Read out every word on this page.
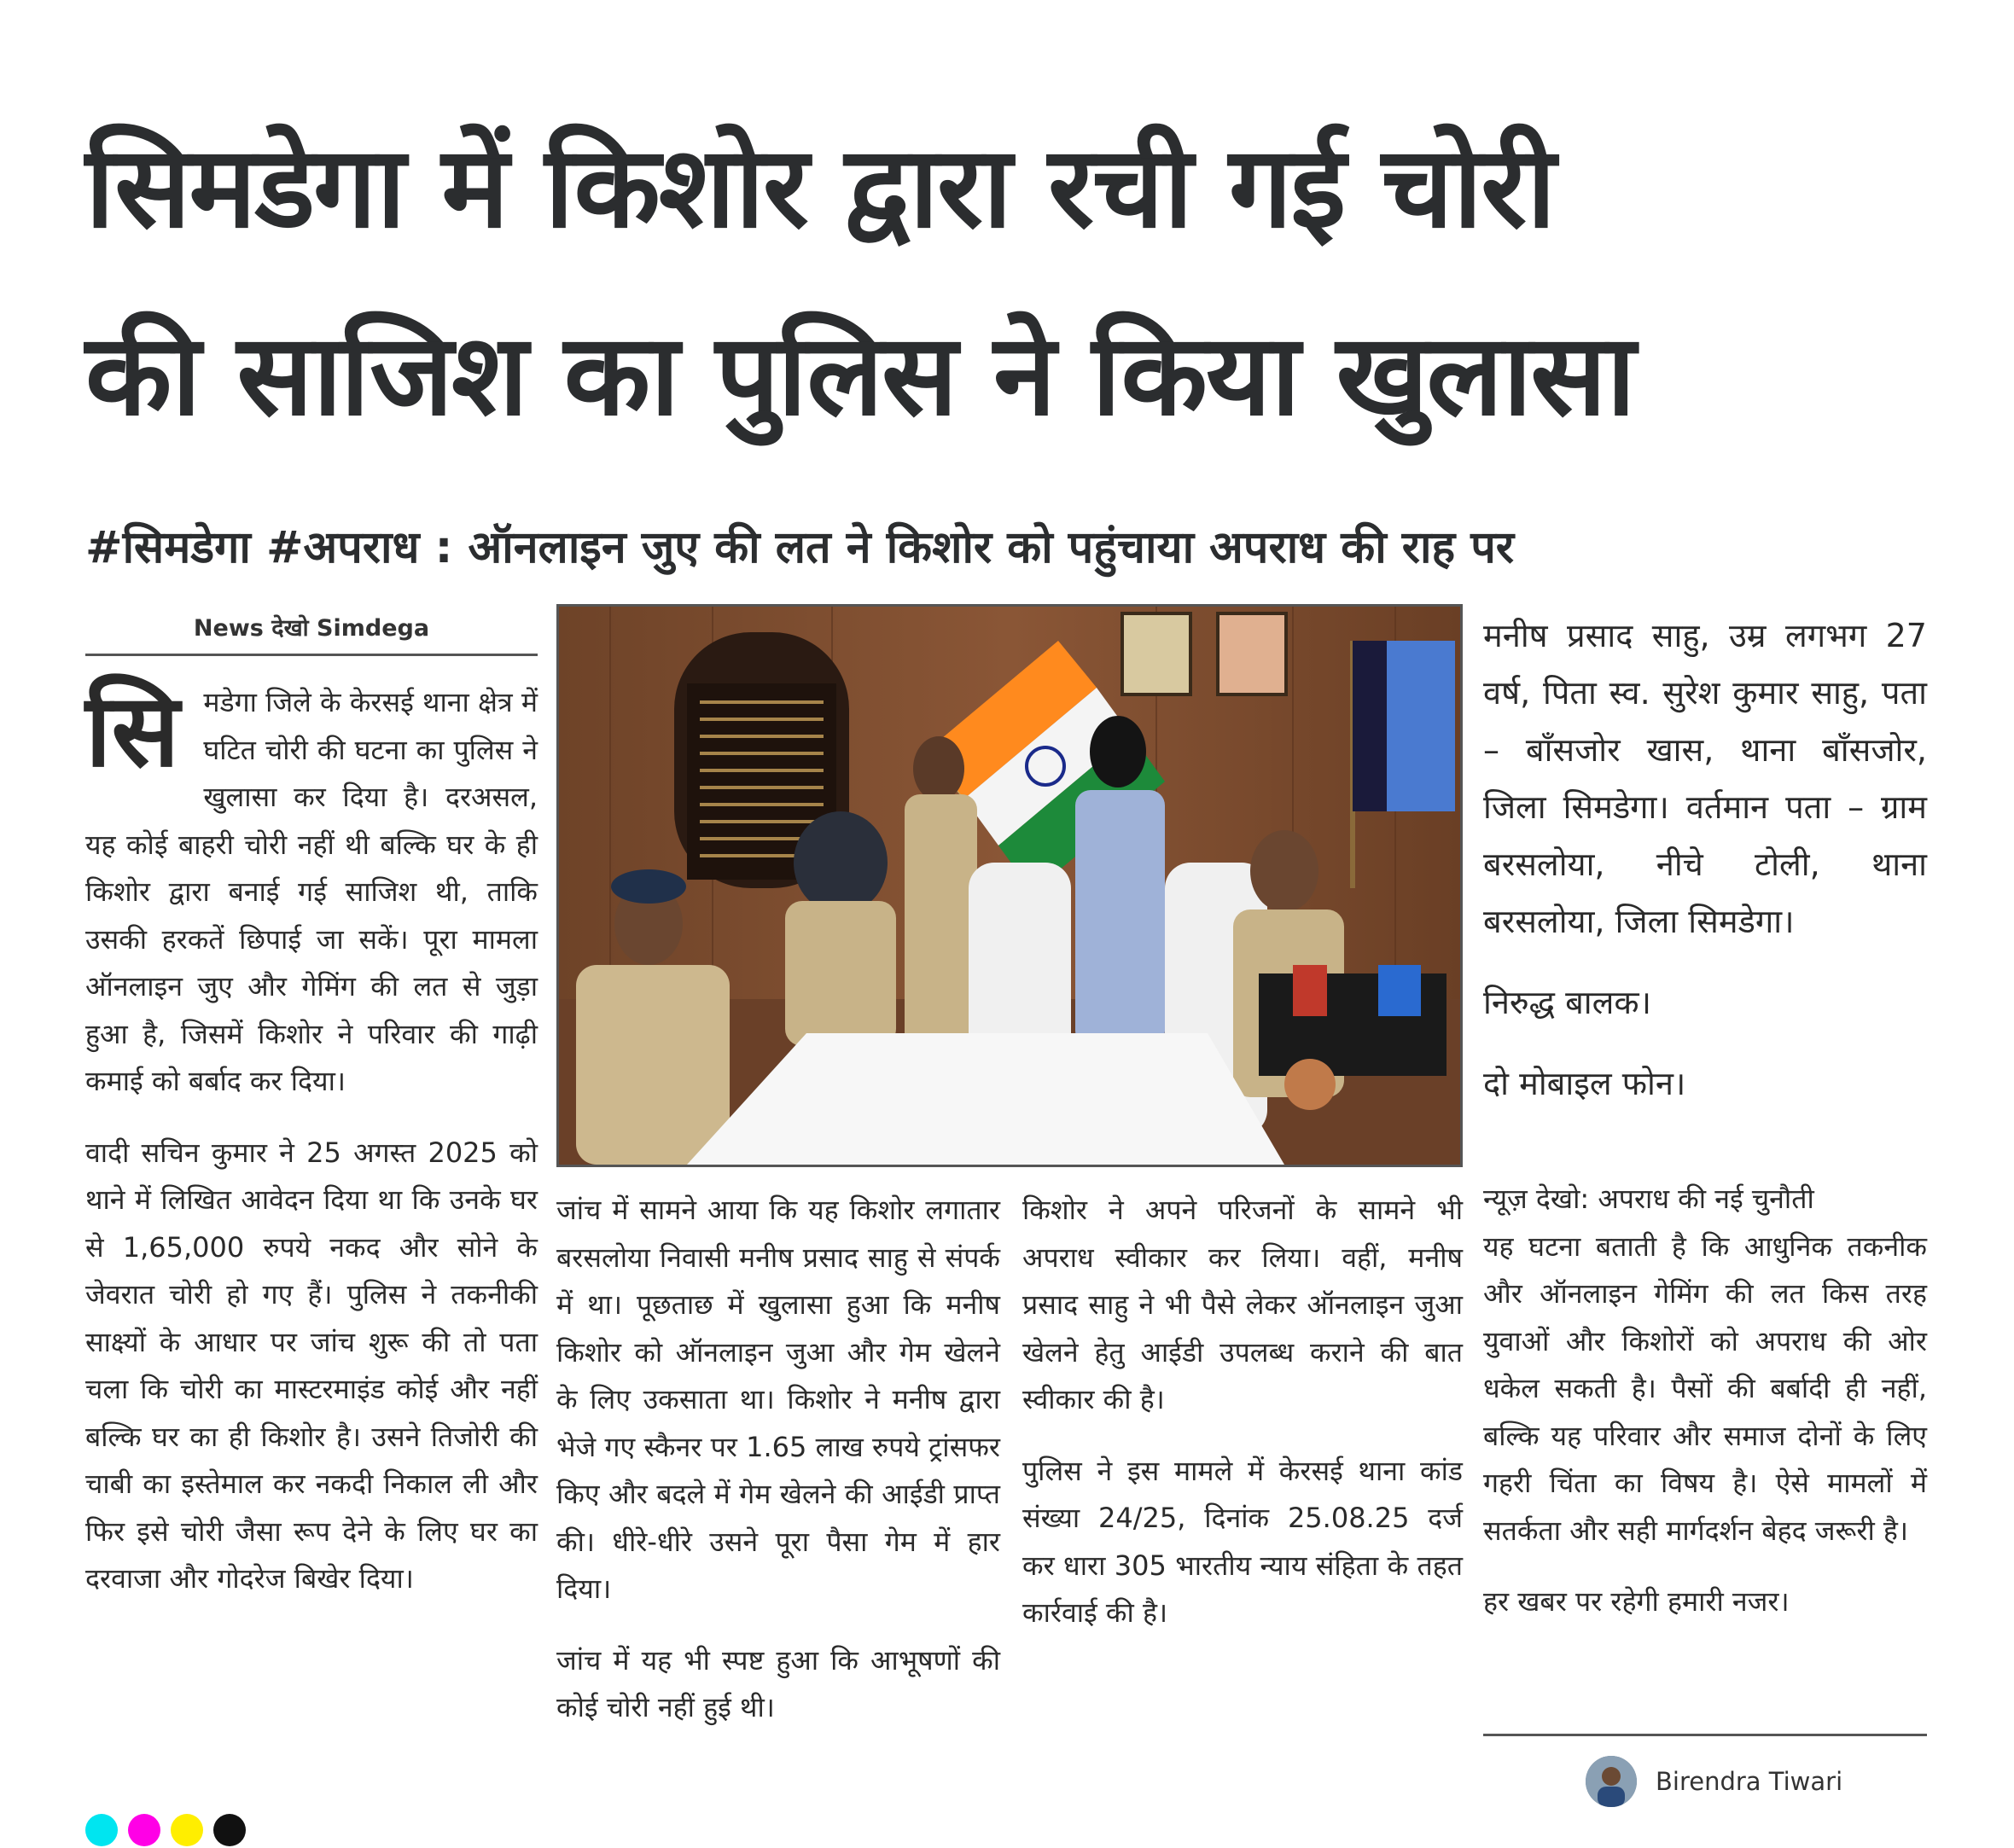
सिमडेगा में किशोर द्वारा रची गई चोरी
की साजिश का पुलिस ने किया खुलासा
#सिमडेगा #अपराध : ऑनलाइन जुए की लत ने किशोर को पहुंचाया अपराध की राह पर
News देखो Simdega

सि मडेगा जिले के केरसई थाना क्षेत्र में घटित चोरी की घटना का पुलिस ने खुलासा कर दिया है। दरअसल, यह कोई बाहरी चोरी नहीं थी बल्कि घर के ही किशोर द्वारा बनाई गई साजिश थी, ताकि उसकी हरकतें छिपाई जा सकें। पूरा मामला ऑनलाइन जुए और गेमिंग की लत से जुड़ा हुआ है, जिसमें किशोर ने परिवार की गाढ़ी कमाई को बर्बाद कर दिया।

वादी सचिन कुमार ने 25 अगस्त 2025 को थाने में लिखित आवेदन दिया था कि उनके घर से 1,65,000 रुपये नकद और सोने के जेवरात चोरी हो गए हैं। पुलिस ने तकनीकी साक्ष्यों के आधार पर जांच शुरू की तो पता चला कि चोरी का मास्टरमाइंड कोई और नहीं बल्कि घर का ही किशोर है। उसने तिजोरी की चाबी का इस्तेमाल कर नकदी निकाल ली और फिर इसे चोरी जैसा रूप देने के लिए घर का दरवाजा और गोदरेज बिखेर दिया।

जांच में सामने आया कि यह किशोर लगातार बरसलोया निवासी मनीष प्रसाद साहु से संपर्क में था। पूछताछ में खुलासा हुआ कि मनीष किशोर को ऑनलाइन जुआ और गेम खेलने के लिए उकसाता था। किशोर ने मनीष द्वारा भेजे गए स्कैनर पर 1.65 लाख रुपये ट्रांसफर किए और बदले में गेम खेलने की आईडी प्राप्त की। धीरे-धीरे उसने पूरा पैसा गेम में हार दिया।

जांच में यह भी स्पष्ट हुआ कि आभूषणों की कोई चोरी नहीं हुई थी।

किशोर ने अपने परिजनों के सामने भी अपराध स्वीकार कर लिया। वहीं, मनीष प्रसाद साहु ने भी पैसे लेकर ऑनलाइन जुआ खेलने हेतु आईडी उपलब्ध कराने की बात स्वीकार की है।

पुलिस ने इस मामले में केरसई थाना कांड संख्या 24/25, दिनांक 25.08.25 दर्ज कर धारा 305 भारतीय न्याय संहिता के तहत कार्रवाई की है।

मनीष प्रसाद साहु, उम्र लगभग 27 वर्ष, पिता स्व. सुरेश कुमार साहु, पता – बाँसजोर खास, थाना बाँसजोर, जिला सिमडेगा। वर्तमान पता – ग्राम बरसलोया, नीचे टोली, थाना बरसलोया, जिला सिमडेगा।

निरुद्ध बालक।

दो मोबाइल फोन।

न्यूज़ देखो: अपराध की नई चुनौती

यह घटना बताती है कि आधुनिक तकनीक और ऑनलाइन गेमिंग की लत किस तरह युवाओं और किशोरों को अपराध की ओर धकेल सकती है। पैसों की बर्बादी ही नहीं, बल्कि यह परिवार और समाज दोनों के लिए गहरी चिंता का विषय है। ऐसे मामलों में सतर्कता और सही मार्गदर्शन बेहद जरूरी है।

हर खबर पर रहेगी हमारी नजर।

Birendra Tiwari
